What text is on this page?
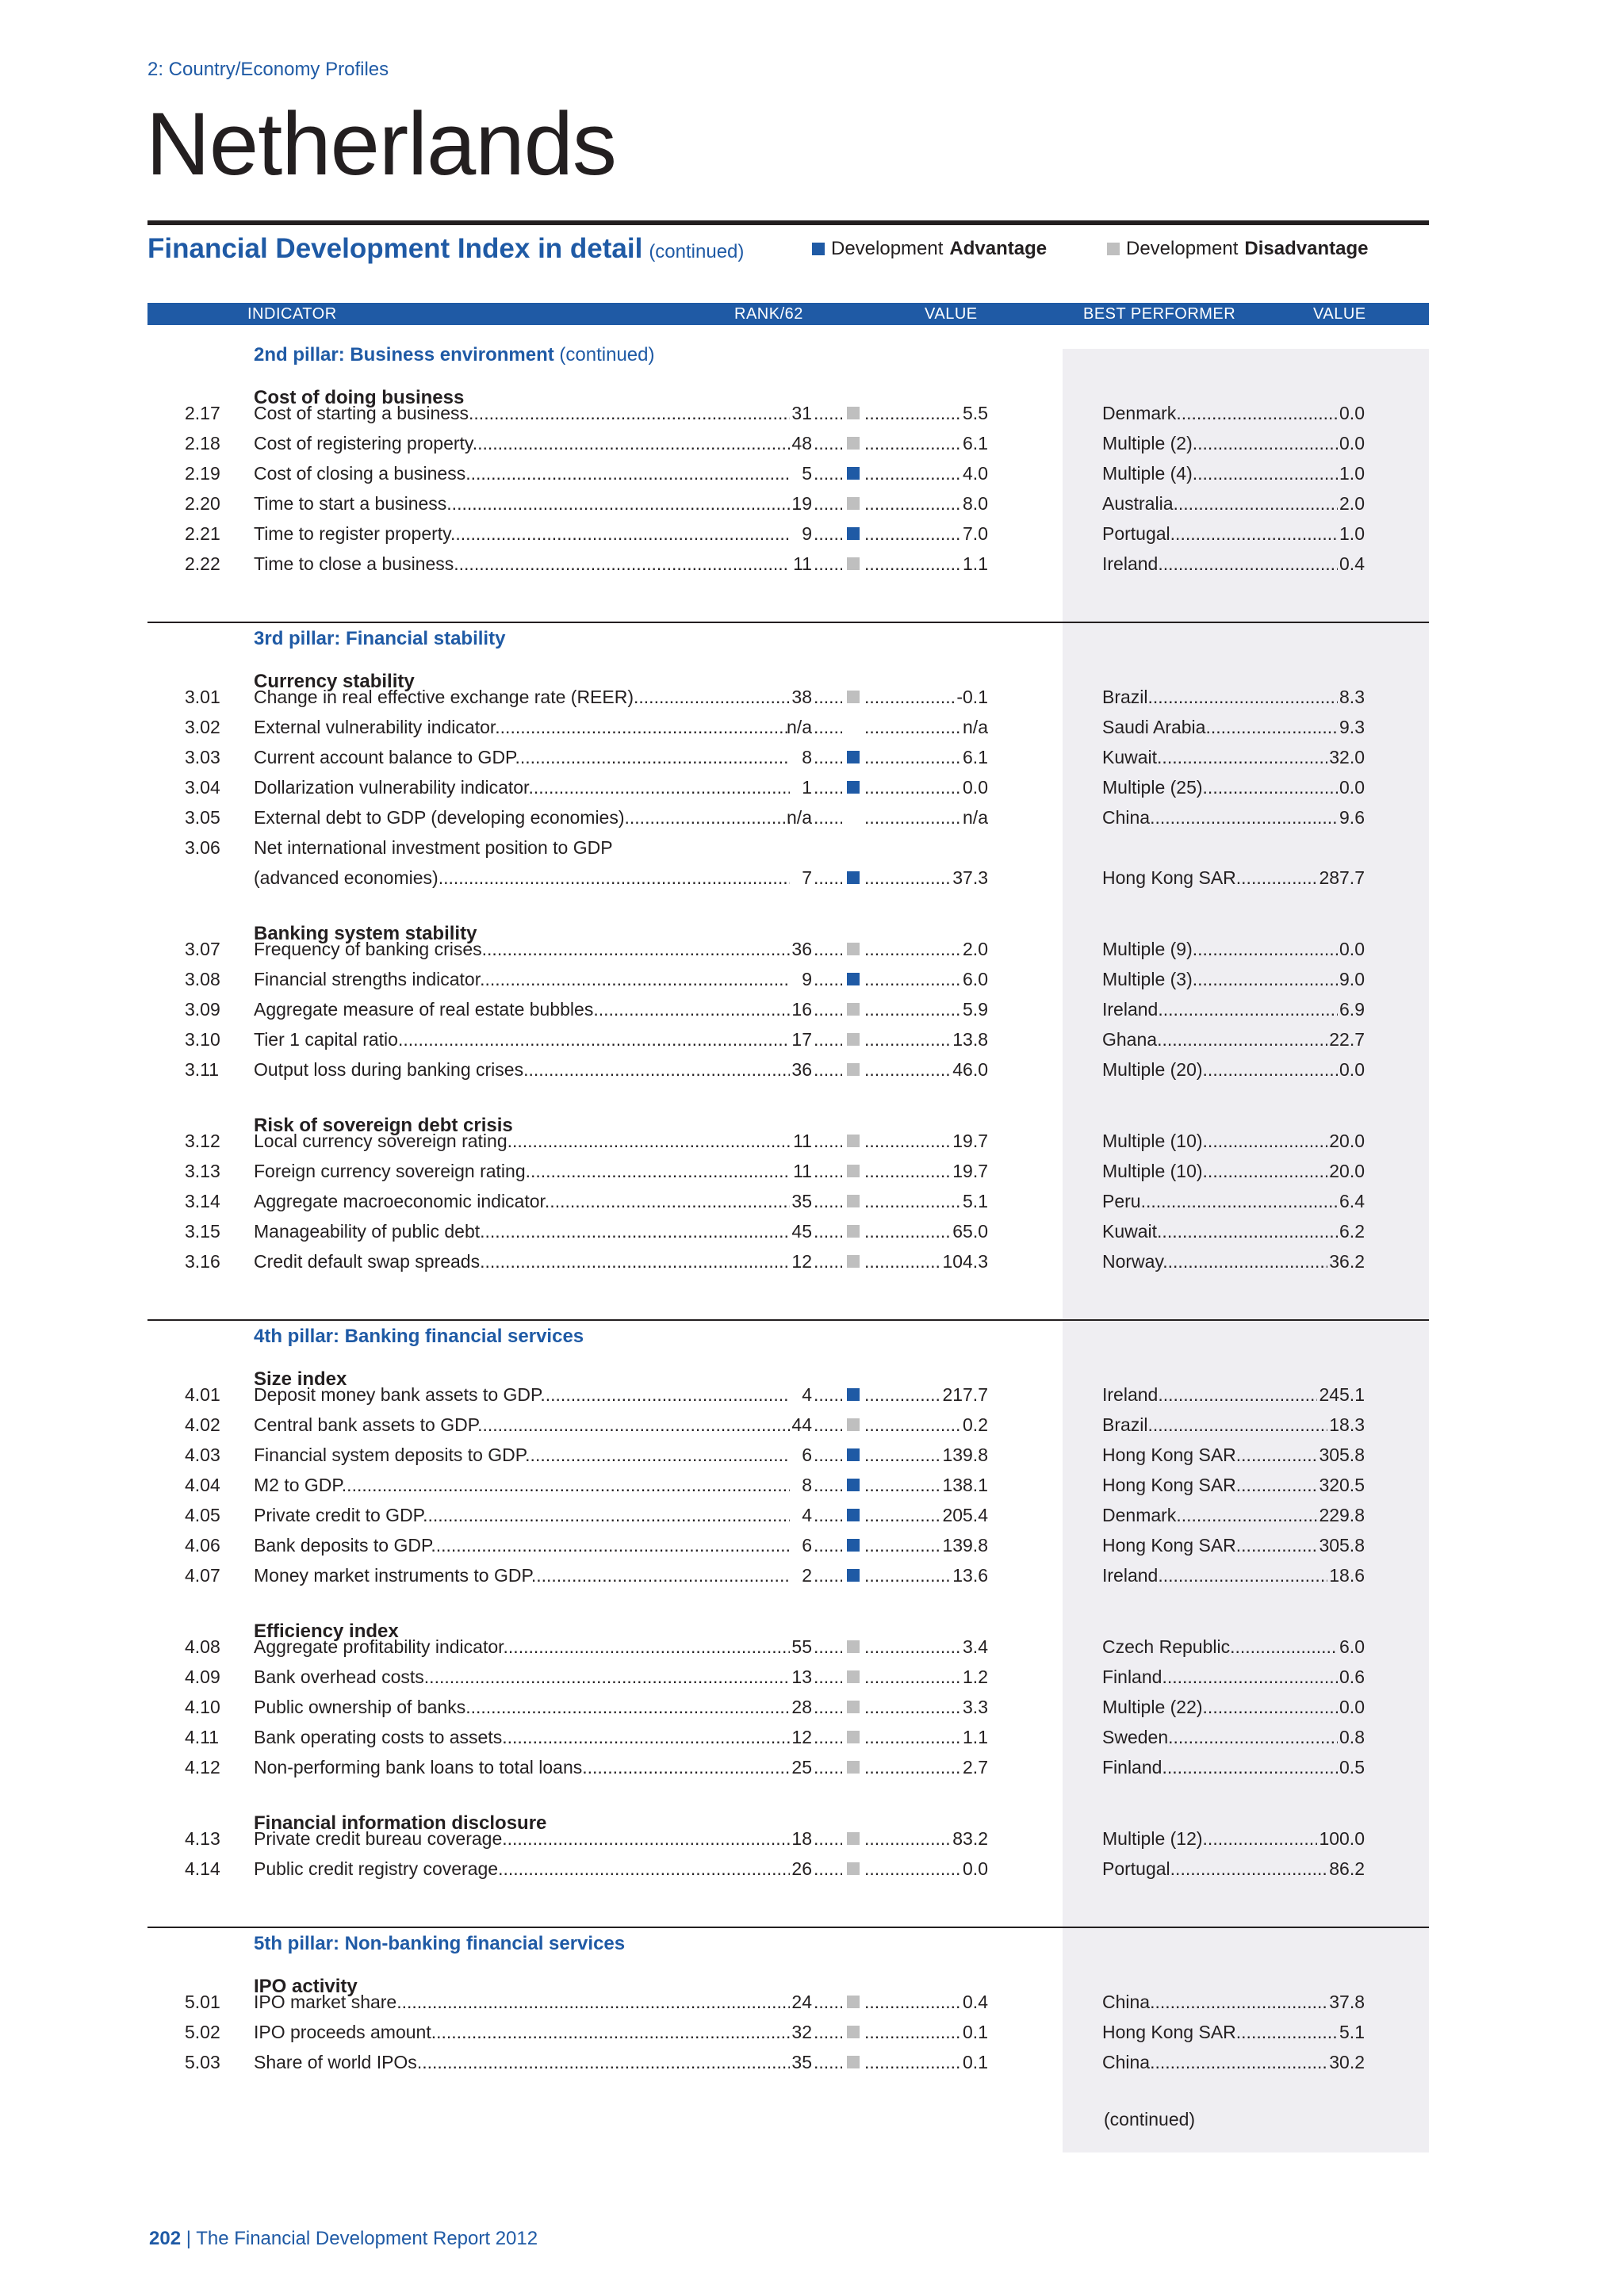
2: Country/Economy Profiles
Netherlands
Financial Development Index in detail (continued)	Development Advantage	Development Disadvantage
INDICATOR	RANK/62	VALUE	BEST PERFORMER	VALUE
2nd pillar: Business environment (continued)
Cost of doing business
3rd pillar: Financial stability
Currency stability
Banking system stability
Risk of sovereign debt crisis
4th pillar: Banking financial services
Size index
Efficiency index
Financial information disclosure
5th pillar: Non-banking financial services
IPO activity
2.17 Cost of starting a business .....	31 ..... .....	5.5	Denmark .....	0.0
2.18 Cost of registering property .....	48 ..... .....	6.1	Multiple (2) .....	0.0
2.19 Cost of closing a business .....	5 ..... .....	4.0	Multiple (4) .....	1.0
2.20 Time to start a business .....	19 ..... .....	8.0	Australia .....	2.0
2.21 Time to register property .....	9 ..... .....	7.0	Portugal .....	1.0
2.22 Time to close a business .....	11 ..... .....	1.1	Ireland .....	0.4
3.01 Change in real effective exchange rate (REER) .....	38 ..... .....	-0.1	Brazil .....	8.3
3.02 External vulnerability indicator .....	n/a ..... .....	n/a	Saudi Arabia .....	9.3
3.03 Current account balance to GDP .....	8 ..... .....	6.1	Kuwait .....	32.0
3.04 Dollarization vulnerability indicator .....	1 ..... .....	0.0	Multiple (25) .....	0.0
3.05 External debt to GDP (developing economies) .....	n/a ..... .....	n/a	China .....	9.6
3.06 Net international investment position to GDP
(advanced economies) .....	7 ..... .....	37.3	Hong Kong SAR .....	287.7
3.07 Frequency of banking crises .....	36 ..... .....	2.0	Multiple (9) .....	0.0
3.08 Financial strengths indicator .....	9 ..... .....	6.0	Multiple (3) .....	9.0
3.09 Aggregate measure of real estate bubbles .....	16 ..... .....	5.9	Ireland .....	6.9
3.10 Tier 1 capital ratio .....	17 ..... .....	13.8	Ghana .....	22.7
3.11 Output loss during banking crises .....	36 ..... .....	46.0	Multiple (20) .....	0.0
3.12 Local currency sovereign rating .....	11 ..... .....	19.7	Multiple (10) .....	20.0
3.13 Foreign currency sovereign rating .....	11 ..... .....	19.7	Multiple (10) .....	20.0
3.14 Aggregate macroeconomic indicator .....	35 ..... .....	5.1	Peru .....	6.4
3.15 Manageability of public debt .....	45 ..... .....	65.0	Kuwait .....	6.2
3.16 Credit default swap spreads .....	12 ..... .....	104.3	Norway .....	36.2
4.01 Deposit money bank assets to GDP .....	4 ..... .....	217.7	Ireland .....	245.1
4.02 Central bank assets to GDP .....	44 ..... .....	0.2	Brazil .....	18.3
4.03 Financial system deposits to GDP .....	6 ..... .....	139.8	Hong Kong SAR .....	305.8
4.04 M2 to GDP .....	8 ..... .....	138.1	Hong Kong SAR .....	320.5
4.05 Private credit to GDP .....	4 ..... .....	205.4	Denmark .....	229.8
4.06 Bank deposits to GDP .....	6 ..... .....	139.8	Hong Kong SAR .....	305.8
4.07 Money market instruments to GDP .....	2 ..... .....	13.6	Ireland .....	18.6
4.08 Aggregate profitability indicator .....	55 ..... .....	3.4	Czech Republic .....	6.0
4.09 Bank overhead costs .....	13 ..... .....	1.2	Finland .....	0.6
4.10 Public ownership of banks .....	28 ..... .....	3.3	Multiple (22) .....	0.0
4.11 Bank operating costs to assets .....	12 ..... .....	1.1	Sweden .....	0.8
4.12 Non-performing bank loans to total loans .....	25 ..... .....	2.7	Finland .....	0.5
4.13 Private credit bureau coverage .....	18 ..... .....	83.2	Multiple (12) .....	100.0
4.14 Public credit registry coverage .....	26 ..... .....	0.0	Portugal .....	86.2
5.01 IPO market share .....	24 ..... .....	0.4	China .....	37.8
5.02 IPO proceeds amount .....	32 ..... .....	0.1	Hong Kong SAR .....	5.1
5.03 Share of world IPOs .....	35 ..... .....	0.1	China .....	30.2
(continued)
202 | The Financial Development Report 2012
